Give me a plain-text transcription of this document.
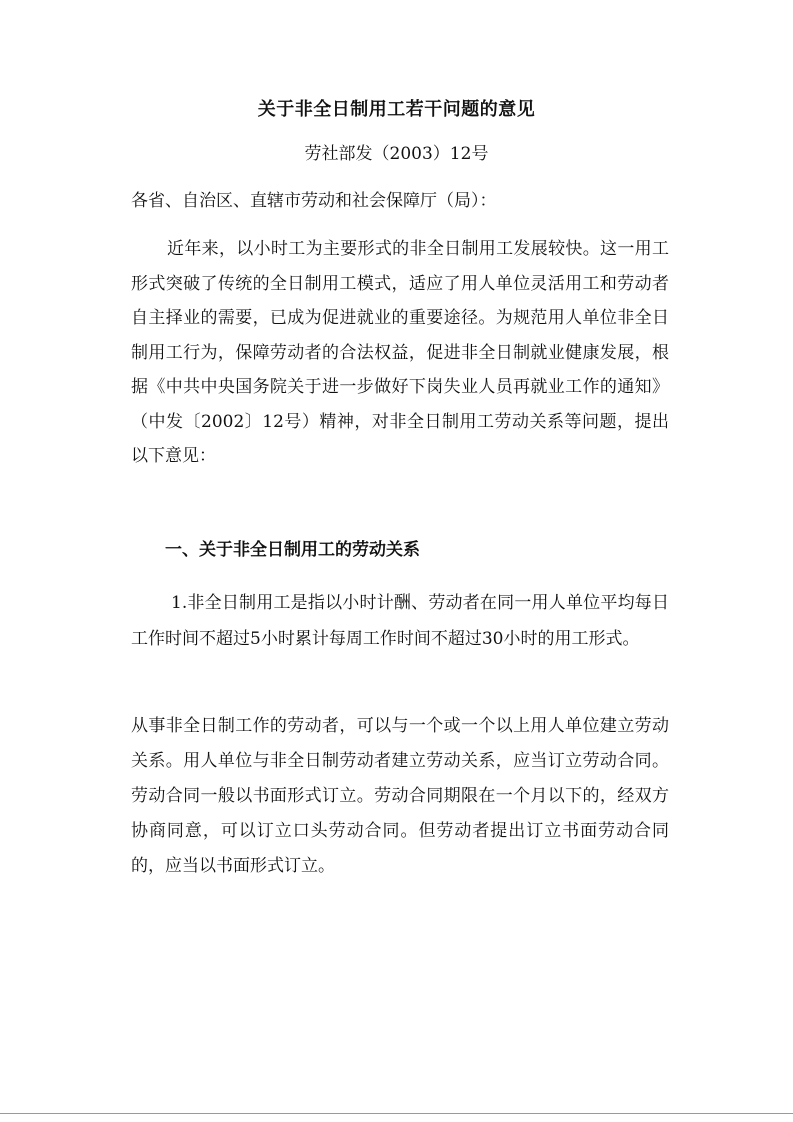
关于非全日制用工若干问题的意见
劳社部发（2003）12号
各省、自治区、直辖市劳动和社会保障厅（局）：
近年来，以小时工为主要形式的非全日制用工发展较快。这一用工形式突破了传统的全日制用工模式，适应了用人单位灵活用工和劳动者自主择业的需要，已成为促进就业的重要途径。为规范用人单位非全日制用工行为，保障劳动者的合法权益，促进非全日制就业健康发展，根据《中共中央国务院关于进一步做好下岗失业人员再就业工作的通知》（中发〔2002〕12号）精神，对非全日制用工劳动关系等问题，提出以下意见：
一、关于非全日制用工的劳动关系
1.非全日制用工是指以小时计酬、劳动者在同一用人单位平均每日工作时间不超过5小时累计每周工作时间不超过30小时的用工形式。
从事非全日制工作的劳动者，可以与一个或一个以上用人单位建立劳动关系。用人单位与非全日制劳动者建立劳动关系，应当订立劳动合同。劳动合同一般以书面形式订立。劳动合同期限在一个月以下的，经双方协商同意，可以订立口头劳动合同。但劳动者提出订立书面劳动合同的，应当以书面形式订立。
